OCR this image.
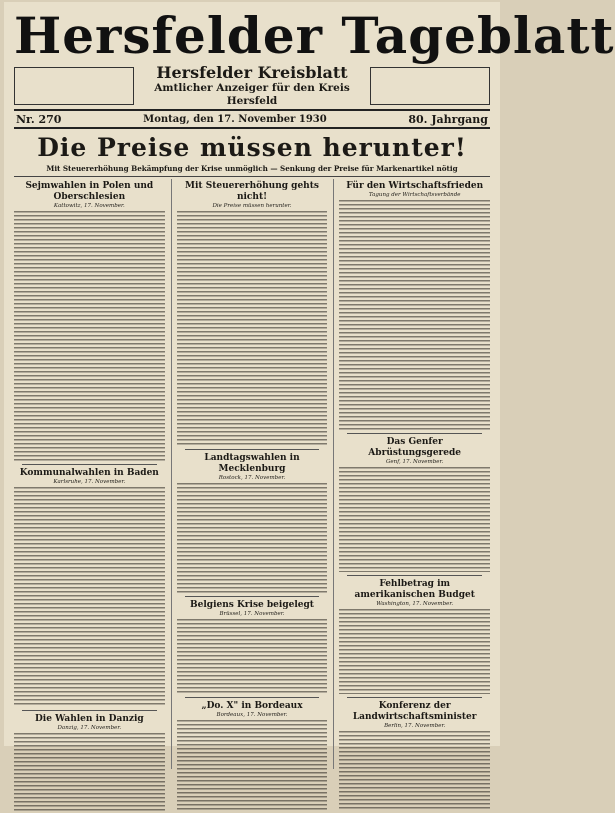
Hersfelder Tageblatt
Hersfelder Kreisblatt
Amtlicher Anzeiger für den Kreis Hersfeld
Nr. 270	Montag, den 17. November 1930	80. Jahrgang
Die Preise müssen herunter!
Mit Steuererhöhung Bekämpfung der Krise unmöglich — Senkung der Preise für Markenartikel nötig
Sejmwahlen in Polen und Oberschlesien
Kattowitz, 17. November.
Kommunalwahlen in Baden
Karlsruhe, 17. November.
Die Wahlen in Danzig
Danzig, 17. November.
Mit Steuererhöhung gehts nicht!
Die Preise müssen herunter.
Landtagswahlen in Mecklenburg
Rostock, 17. November.
Belgiens Krise beigelegt
Brüssel, 17. November.
„Do. X" in Bordeaux
Bordeaux, 17. November.
Für den Wirtschaftsfrieden
Tagung der Wirtschaftsverbände
Das Genfer Abrüstungsgerede
Genf, 17. November.
Fehlbetrag im amerikanischen Budget
Washington, 17. November.
Konferenz der Landwirtschaftsminister
Berlin, 17. November.
